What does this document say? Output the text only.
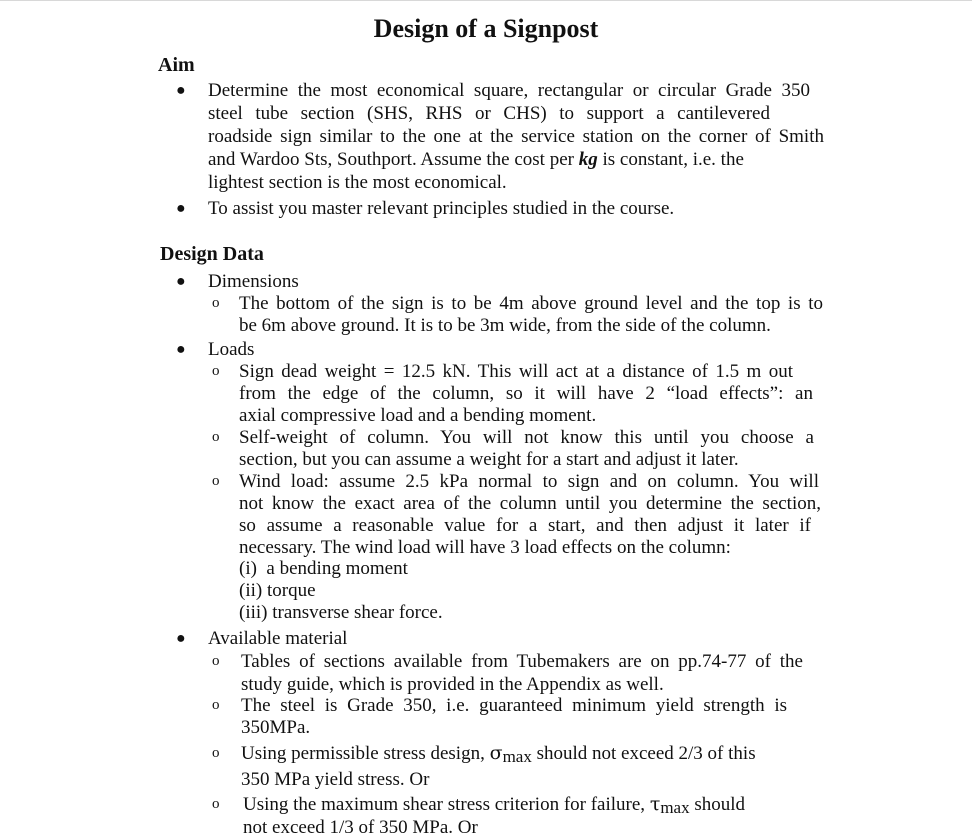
Design of a Signpost
Aim
● Determine the most economical square, rectangular or circular Grade 350
steel tube section (SHS, RHS or CHS) to support a cantilevered
roadside sign similar to the one at the service station on the corner of Smith
and Wardoo Sts, Southport. Assume the cost per kg is constant, i.e. the
lightest section is the most economical.
● To assist you master relevant principles studied in the course.
Design Data
● Dimensions
o The bottom of the sign is to be 4m above ground level and the top is to
be 6m above ground. It is to be 3m wide, from the side of the column.
● Loads
o Sign dead weight = 12.5 kN. This will act at a distance of 1.5 m out
from the edge of the column, so it will have 2 “load effects”: an
axial compressive load and a bending moment.
o Self-weight of column. You will not know this until you choose a
section, but you can assume a weight for a start and adjust it later.
o Wind load: assume 2.5 kPa normal to sign and on column. You will
not know the exact area of the column until you determine the section,
so assume a reasonable value for a start, and then adjust it later if
necessary. The wind load will have 3 load effects on the column:
(i)  a bending moment
(ii) torque
(iii) transverse shear force.
● Available material
o Tables of sections available from Tubemakers are on pp.74-77 of the
study guide, which is provided in the Appendix as well.
o The steel is Grade 350, i.e. guaranteed minimum yield strength is
350MPa.
o Using permissible stress design, σmax should not exceed 2/3 of this
350 MPa yield stress. Or
o Using the maximum shear stress criterion for failure, τmax should
not exceed 1/3 of 350 MPa. Or
